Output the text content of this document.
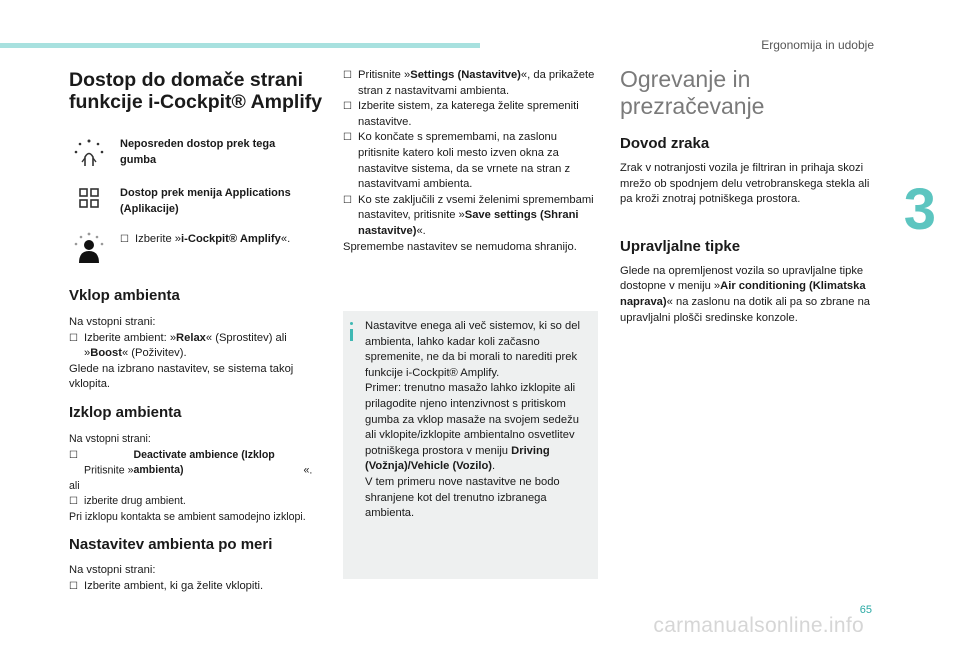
Ergonomija in udobje
3
65
carmanualsonline.info
Dostop do domače strani
funkcije i-Cockpit® Amplify
Neposreden dostop prek tega gumba
Dostop prek menija Applications (Aplikacije)

☐ Izberite »i-Cockpit® Amplify«.

Vklop ambienta

Na vstopni strani:

☐ Izberite ambient: »Relax« (Sprostitev) ali
»Boost« (Poživitev).

Glede na izbrano nastavitev, se sistema takoj vklopita.

Izklop ambienta

Na vstopni strani:

☐
Pritisnite »Deactivate ambience (Izklop ambienta)	«.

ali

☐ izberite drug ambient.

Pri izklopu kontakta se ambient samodejno izklopi.

Nastavitev ambienta po meri

Na vstopni strani:

☐ Izberite ambient, ki ga želite vklopiti.

☐ Pritisnite »Settings (Nastavitve)«, da prikažete stran z nastavitvami ambienta.

☐ Izberite sistem, za katerega želite spremeniti nastavitve.

☐ Ko končate s spremembami, na zaslonu pritisnite katero koli mesto izven okna za nastavitve sistema, da se vrnete na stran z nastavitvami ambienta.

☐ Ko ste zaključili z vsemi želenimi spremembami nastavitev, pritisnite »Save settings (Shrani nastavitve)«.

Spremembe nastavitev se nemudoma shranijo.

Nastavitve enega ali več sistemov, ki so del ambienta, lahko kadar koli začasno spremenite, ne da bi morali to narediti prek funkcije i-Cockpit® Amplify.
Primer: trenutno masažo lahko izklopite ali prilagodite njeno intenzivnost s pritiskom gumba za vklop masaže na svojem sedežu ali vklopite/izklopite ambientalno osvetlitev potniškega prostora v meniju Driving (Vožnja)/Vehicle (Vozilo).
V tem primeru nove nastavitve ne bodo shranjene kot del trenutno izbranega ambienta.
Ogrevanje in prezračevanje
Dovod zraka

Zrak v notranjosti vozila je filtriran in prihaja skozi mrežo ob spodnjem delu vetrobranskega stekla ali pa kroži znotraj potniškega prostora.

Upravljalne tipke

Glede na opremljenost vozila so upravljalne tipke dostopne v meniju »Air conditioning (Klimatska naprava)« na zaslonu na dotik ali pa so zbrane na upravljalni plošči sredinske konzole.
